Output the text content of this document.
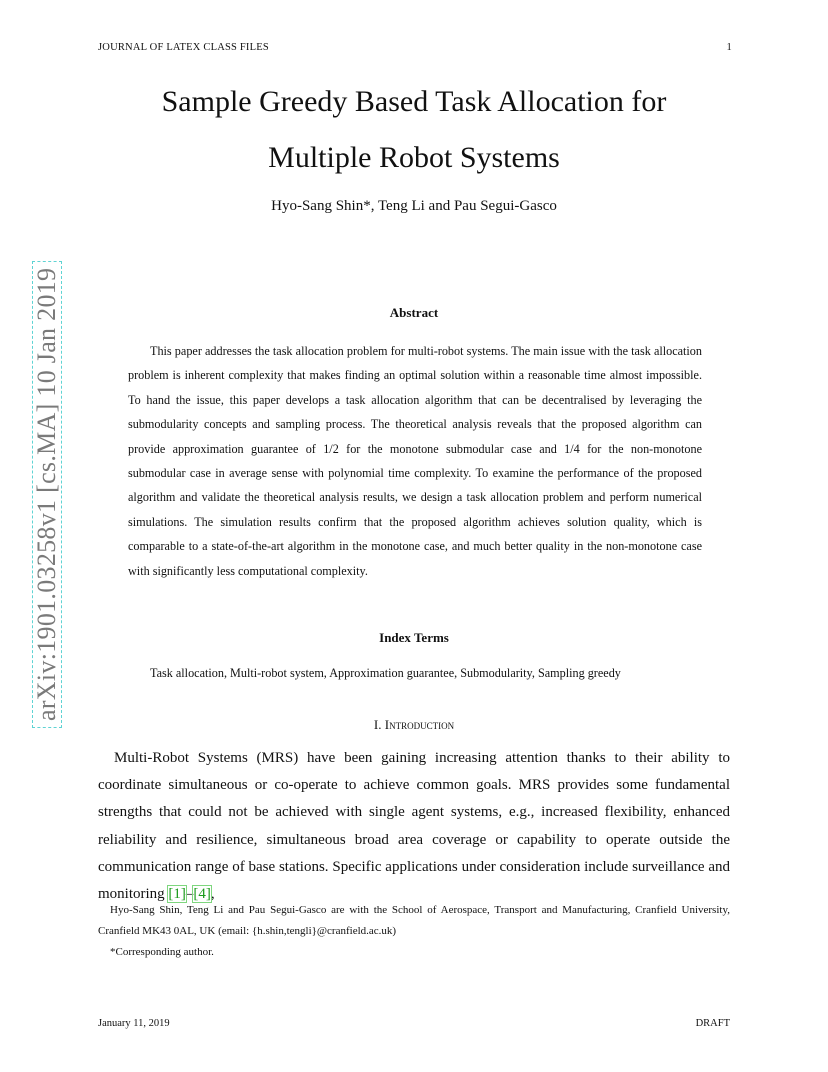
JOURNAL OF LATEX CLASS FILES	1
arXiv:1901.03258v1 [cs.MA] 10 Jan 2019
Sample Greedy Based Task Allocation for
Multiple Robot Systems
Hyo-Sang Shin*, Teng Li and Pau Segui-Gasco
Abstract

This paper addresses the task allocation problem for multi-robot systems. The main issue with the task allocation problem is inherent complexity that makes finding an optimal solution within a reasonable time almost impossible. To hand the issue, this paper develops a task allocation algorithm that can be decentralised by leveraging the submodularity concepts and sampling process. The theoretical analysis reveals that the proposed algorithm can provide approximation guarantee of 1/2 for the monotone submodular case and 1/4 for the non-monotone submodular case in average sense with polynomial time complexity. To examine the performance of the proposed algorithm and validate the theoretical analysis results, we design a task allocation problem and perform numerical simulations. The simulation results confirm that the proposed algorithm achieves solution quality, which is comparable to a state-of-the-art algorithm in the monotone case, and much better quality in the non-monotone case with significantly less computational complexity.

Index Terms
Task allocation, Multi-robot system, Approximation guarantee, Submodularity, Sampling greedy
I. Introduction

Multi-Robot Systems (MRS) have been gaining increasing attention thanks to their ability to coordinate simultaneous or co-operate to achieve common goals. MRS provides some fundamental strengths that could not be achieved with single agent systems, e.g., increased flexibility, enhanced reliability and resilience, simultaneous broad area coverage or capability to operate outside the communication range of base stations. Specific applications under consideration include surveillance and monitoring [1]–[4],

Hyo-Sang Shin, Teng Li and Pau Segui-Gasco are with the School of Aerospace, Transport and Manufacturing, Cranfield University, Cranfield MK43 0AL, UK (email: {h.shin,tengli}@cranfield.ac.uk)

*Corresponding author.

January 11, 2019	DRAFT
